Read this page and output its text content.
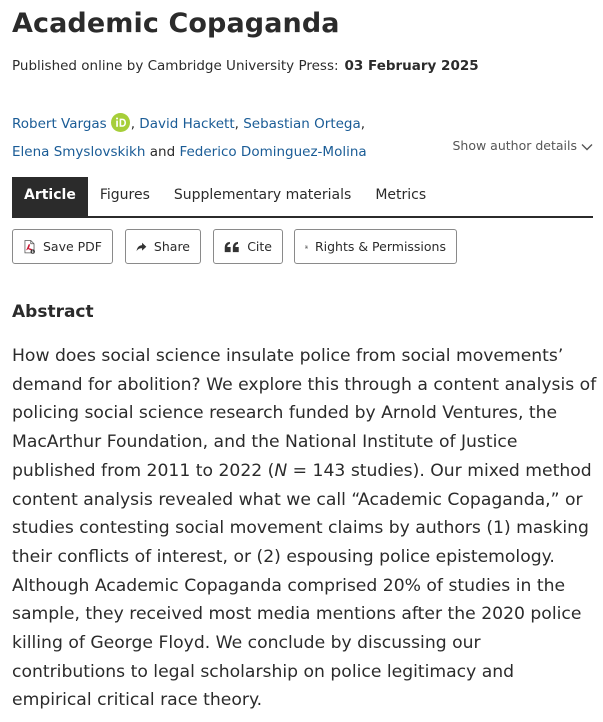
Academic Copaganda
Published online by Cambridge University Press: 03 February 2025
Robert Vargas , David Hackett, Sebastian Ortega,
Elena Smyslovskikh and Federico Dominguez-Molina	Show author details
Article	Figures	Supplementary materials	Metrics
Save PDF	Share	Cite	Rights & Permissions
Abstract
How does social science insulate police from social movements’ demand for abolition? We explore this through a content analysis of policing social science research funded by Arnold Ventures, the MacArthur Foundation, and the National Institute of Justice published from 2011 to 2022 (N = 143 studies). Our mixed method content analysis revealed what we call “Academic Copaganda,” or studies contesting social movement claims by authors (1) masking their conflicts of interest, or (2) espousing police epistemology. Although Academic Copaganda comprised 20% of studies in the sample, they received most media mentions after the 2020 police killing of George Floyd. We conclude by discussing our contributions to legal scholarship on police legitimacy and empirical critical race theory.
